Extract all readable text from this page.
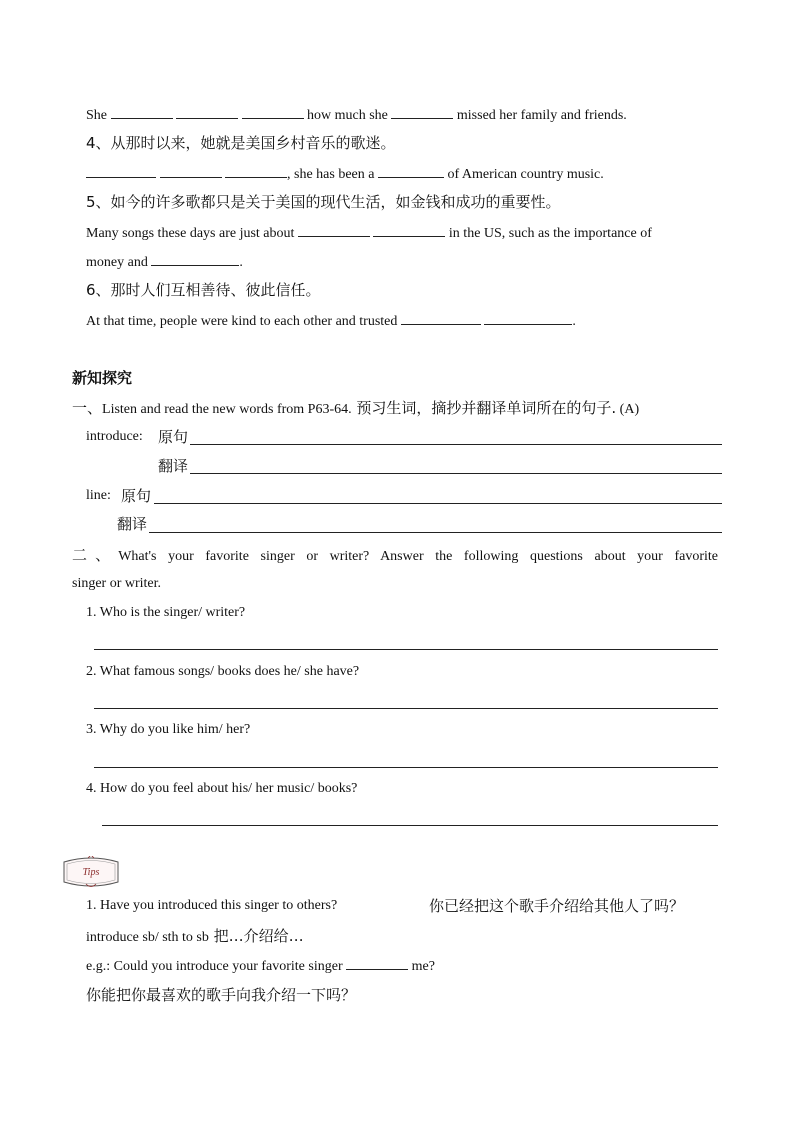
She	how much she	missed her family and friends.
4、从那时以来，她就是美国乡村音乐的歌迷。
, she has been a	of American country music.
5、如今的许多歌都只是关于美国的现代生活，如金钱和成功的重要性。
Many songs these days are just about	in the US, such as the importance of
money and	.
6、那时人们互相善待、彼此信任。
At that time, people were kind to each other and trusted	.
新知探究
一、Listen and read the new words from P63-64. 预习生词，摘抄并翻译单词所在的句子. (A)
introduce: 原句
翻译
line: 原句
翻译
二、What's your favorite singer or writer? Answer the following questions about your favorite
singer or writer.
1. Who is the singer/ writer?
2. What famous songs/ books does he/ she have?
3. Why do you like him/ her?
4. How do you feel about his/ her music/ books?
Tips
1. Have you introduced this singer to others?	你已经把这个歌手介绍给其他人了吗？
introduce sb/ sth to sb 把…介绍给…
e.g.: Could you introduce your favorite singer	me?
你能把你最喜欢的歌手向我介绍一下吗？
